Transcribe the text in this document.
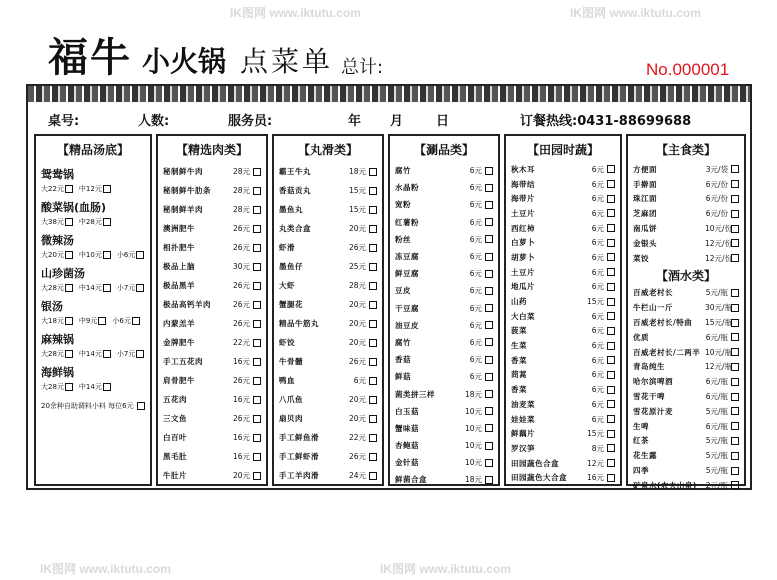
福牛 小火锅 点菜单 总计:	No.000001
桌号:	人数:	服务员:	年 月	日	订餐热线:0431-88699688
【 精品汤底 】
鸳鸯锅
大22元 中12元
酸菜锅(血肠)
大38元 中28元
微辣汤
大20元 中10元 小6元
山珍菌汤
大28元 中14元 小7元
银汤
大18元 中9元 小6元
麻辣锅
大28元 中14元 小7元
海鲜锅
大28元 中14元
20余种自助调料小料 每位6元
【 精选肉类 】
秘制鲜牛肉	28元
秘制鲜牛肋条	28元
秘制鲜羊肉	28元
澳洲肥牛	26元
相扑肥牛	26元
极品上脑	30元
极品黑羊	26元
极品高钙羊肉	26元
内蒙羔羊	26元
金牌肥牛	22元
手工五花肉	16元
肩骨肥牛	26元
五花肉	16元
三文鱼	26元
白百叶	16元
黑毛肚	16元
牛肚片	20元
【 丸滑类 】
霸王牛丸	18元
香菇贡丸	15元
墨鱼丸	15元
丸类合盒	20元
虾滑	26元
墨鱼仔	25元
大虾	28元
蟹腿花	20元
精品牛筋丸	20元
虾饺	20元
牛骨髓	26元
鸭血	6元
八爪鱼	20元
扇贝肉	20元
手工鲜鱼滑	22元
手工鲜虾滑	26元
手工羊肉滑	24元
【 涮品类 】
腐竹	6元
水晶粉	6元
宽粉	6元
红薯粉	6元
粉丝	6元
冻豆腐	6元
鲜豆腐	6元
豆皮	6元
干豆腐	6元
油豆皮	6元
腐竹	6元
香菇	6元
鲜菇	6元
菌类拼三样	18元
白玉菇	10元
蟹味菇	10元
杏鲍菇	10元
金针菇	10元
鲜菌合盒	18元
【 田园时蔬 】
秋木耳	6元
海带结	6元
海带片	6元
土豆片	6元
西红柿	6元
白萝卜	6元
胡萝卜	6元
土豆片	6元
地瓜片	6元
山药	15元
大白菜	6元
菠菜	6元
生菜	6元
香菜	6元
茼蒿	6元
香菜	6元
油麦菜	6元
娃娃菜	6元
鲜藕片	15元
罗汉笋	8元
田园蔬色合盒	12元
田园蔬色大合盒	16元
【 主食类 】
方便面	3元/袋
手擀面	6元/份
珠江面	6元/份
芝麻团	6元/份
南瓜饼	10元/份
金银头	12元/份
菜饺	12元/份
【 酒水类 】
百威老村长	5元/瓶
牛栏山一斤	30元/瓶
百威老村长/特曲	15元/瓶
优质	6元/瓶
百威老村长/二两半 10元/瓶
青岛纯生	12元/瓶
哈尔滨啤酒	6元/瓶
雪花干啤	6元/瓶
雪花原汁麦	5元/瓶
生啤	6元/瓶
红茶	5元/瓶
花生露	5元/瓶
四季	5元/瓶
矿泉水(农夫山泉)	2元/瓶
IK图网 www.iktutu.com	IK图网 www.iktutu.com
IK图网 www.iktutu.com	IK图网 www.iktutu.com
